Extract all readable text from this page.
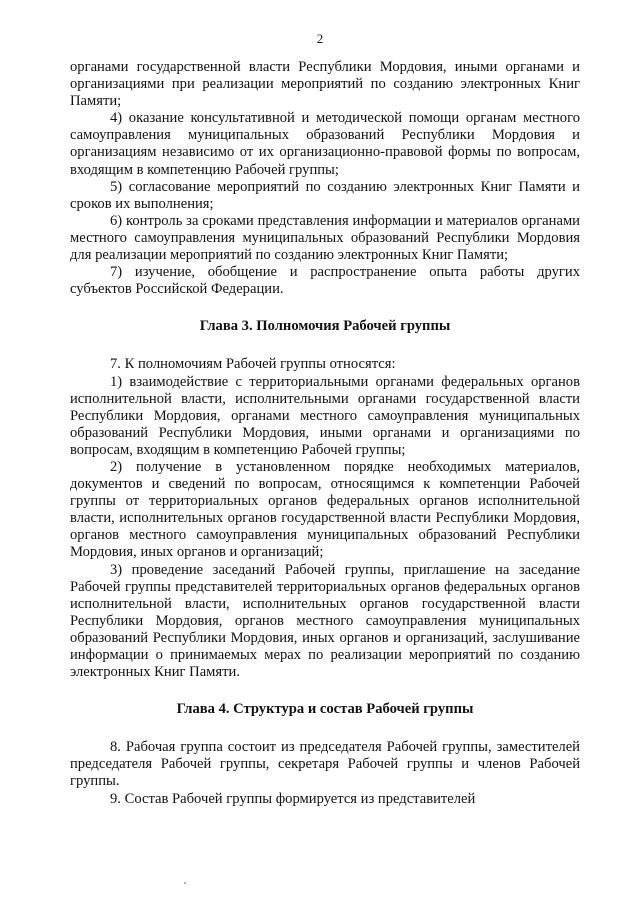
2

органами государственной власти Республики Мордовия, иными органами и организациями при реализации мероприятий по созданию электронных Книг Памяти;

4) оказание консультативной и методической помощи органам местного самоуправления муниципальных образований Республики Мордовия и организациям независимо от их организационно-правовой формы по вопросам, входящим в компетенцию Рабочей группы;

5) согласование мероприятий по созданию электронных Книг Памяти и сроков их выполнения;

6) контроль за сроками представления информации и материалов органами местного самоуправления муниципальных образований Республики Мордовия для реализации мероприятий по созданию электронных Книг Памяти;

7) изучение, обобщение и распространение опыта работы других субъектов Российской Федерации.

Глава 3. Полномочия Рабочей группы

7. К полномочиям Рабочей группы относятся:

1) взаимодействие с территориальными органами федеральных органов исполнительной власти, исполнительными органами государственной власти Республики Мордовия, органами местного самоуправления муниципальных образований Республики Мордовия, иными органами и организациями по вопросам, входящим в компетенцию Рабочей группы;

2) получение в установленном порядке необходимых материалов, документов и сведений по вопросам, относящимся к компетенции Рабочей группы от территориальных органов федеральных органов исполнительной власти, исполнительных органов государственной власти Республики Мордовия, органов местного самоуправления муниципальных образований Республики Мордовия, иных органов и организаций;

3) проведение заседаний Рабочей группы, приглашение на заседание Рабочей группы представителей территориальных органов федеральных органов исполнительной власти, исполнительных органов государственной власти Республики Мордовия, органов местного самоуправления муниципальных образований Республики Мордовия, иных органов и организаций, заслушивание информации о принимаемых мерах по реализации мероприятий по созданию электронных Книг Памяти.

Глава 4. Структура и состав Рабочей группы

8. Рабочая группа состоит из председателя Рабочей группы, заместителей председателя Рабочей группы, секретаря Рабочей группы и членов Рабочей группы.

9. Состав Рабочей группы формируется из представителей
